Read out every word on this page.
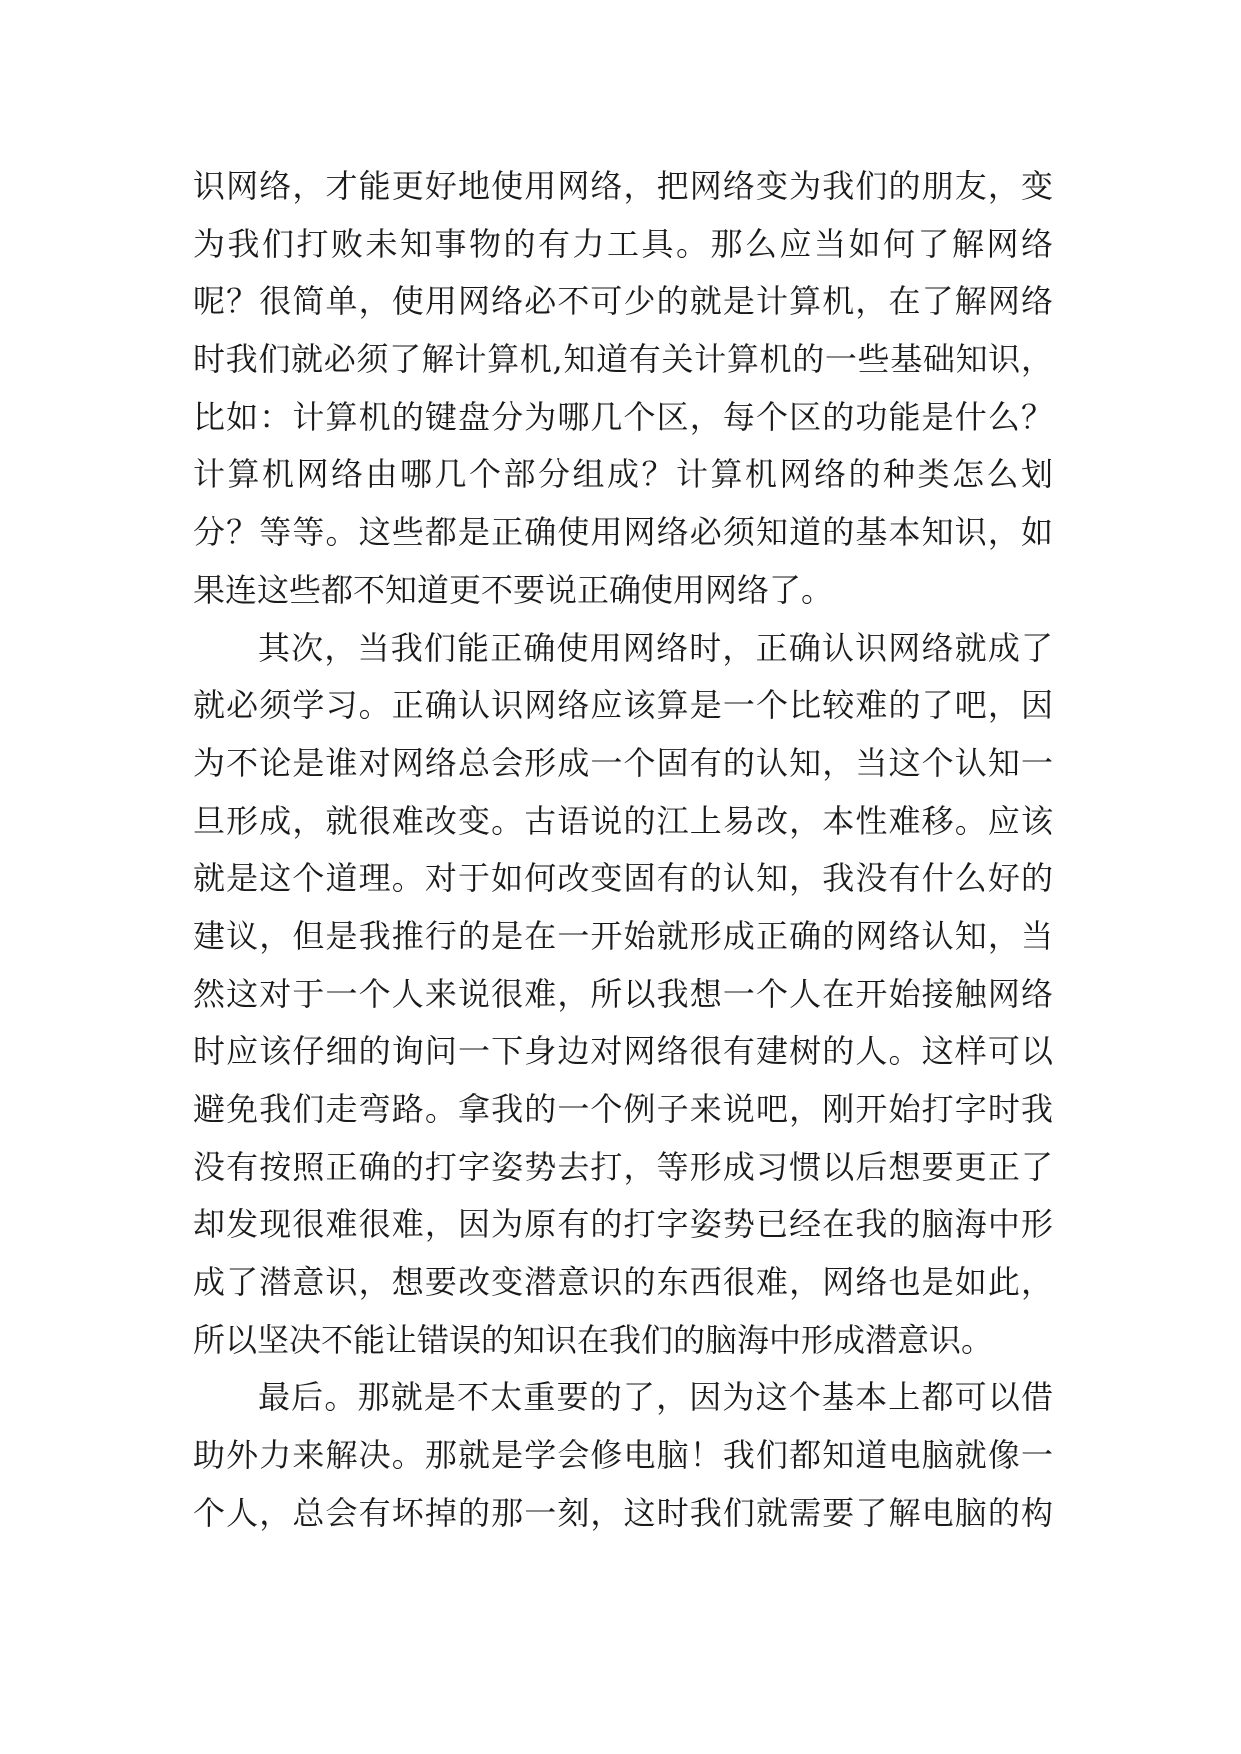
识网络，才能更好地使用网络，把网络变为我们的朋友，变
为我们打败未知事物的有力工具。那么应当如何了解网络
呢？很简单，使用网络必不可少的就是计算机，在了解网络
时我们就必须了解计算机,知道有关计算机的一些基础知识，
比如：计算机的键盘分为哪几个区，每个区的功能是什么？
计算机网络由哪几个部分组成？计算机网络的种类怎么划
分？等等。这些都是正确使用网络必须知道的基本知识，如
果连这些都不知道更不要说正确使用网络了。
其次，当我们能正确使用网络时，正确认识网络就成了
就必须学习。正确认识网络应该算是一个比较难的了吧，因
为不论是谁对网络总会形成一个固有的认知，当这个认知一
旦形成，就很难改变。古语说的江上易改，本性难移。应该
就是这个道理。对于如何改变固有的认知，我没有什么好的
建议，但是我推行的是在一开始就形成正确的网络认知，当
然这对于一个人来说很难，所以我想一个人在开始接触网络
时应该仔细的询问一下身边对网络很有建树的人。这样可以
避免我们走弯路。拿我的一个例子来说吧，刚开始打字时我
没有按照正确的打字姿势去打，等形成习惯以后想要更正了
却发现很难很难，因为原有的打字姿势已经在我的脑海中形
成了潜意识，想要改变潜意识的东西很难，网络也是如此，
所以坚决不能让错误的知识在我们的脑海中形成潜意识。
最后。那就是不太重要的了，因为这个基本上都可以借
助外力来解决。那就是学会修电脑！我们都知道电脑就像一
个人，总会有坏掉的那一刻，这时我们就需要了解电脑的构
